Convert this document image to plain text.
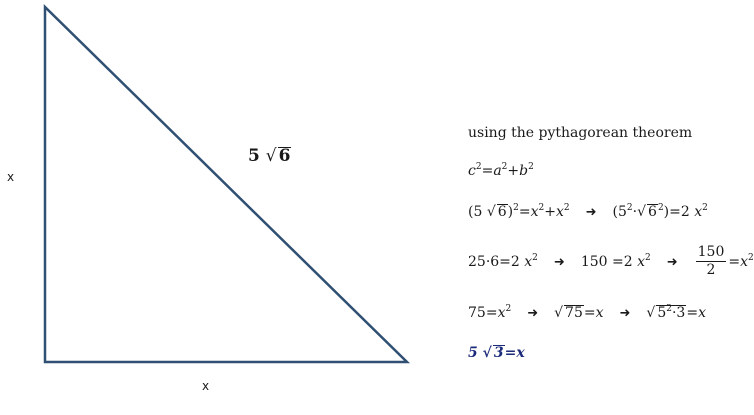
x
x
5 √ 6
using the pythagorean theorem
$c^2=a^2+b^2$
(5 √ $6)^2=x^2+x^2$ ➜ ($5^2\cdot√$ $6^2)=2$ $x^2$
25·6=2 $x^2$ ➜ 150 =2 $x^2$ ➜ $\frac{150}{2} =x^2$
$75=x^2$ ➜ √ 75=x ➜ √ $5^2\cdot 3=x$
5 √ 3=x
